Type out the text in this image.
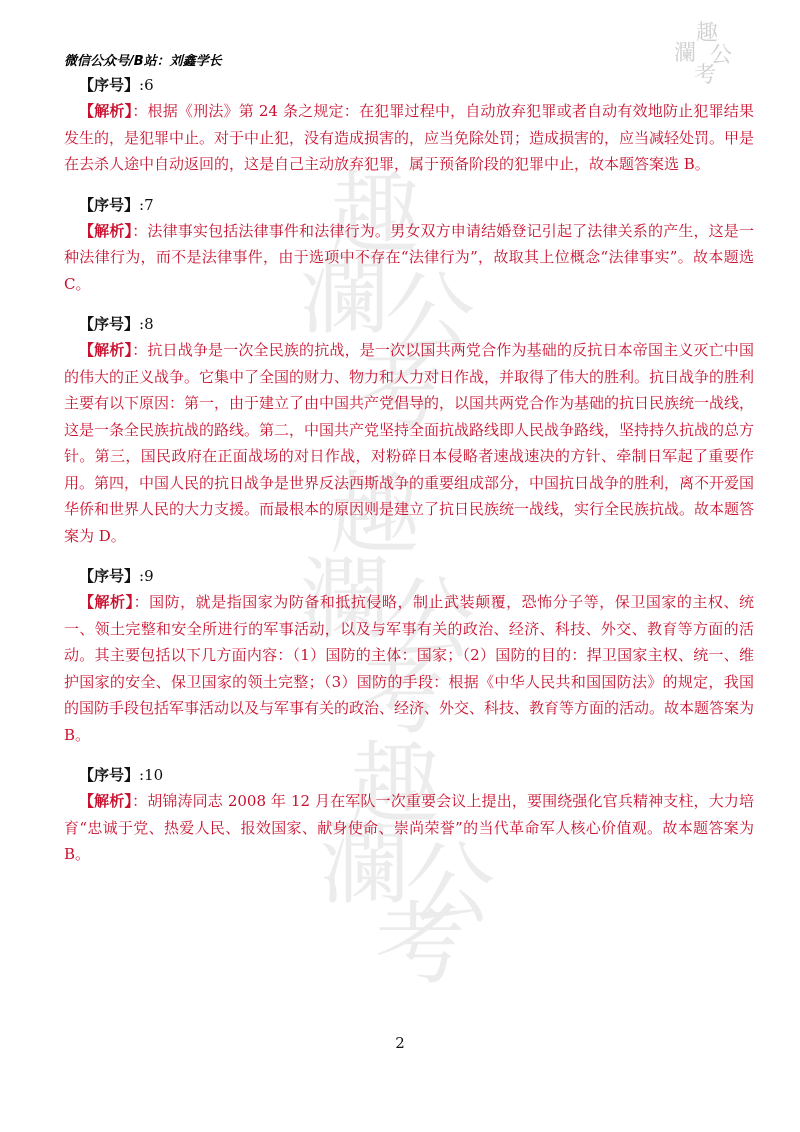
微信公众号/B站：刘鑫学长	瀾
趣
公
考
趣
瀾
公
考
趣
瀾
公
考
趣
瀾
公
考
【序号】:6
【解析】：根据《刑法》第 24 条之规定：在犯罪过程中，自动放弃犯罪或者自动有效地防止犯罪结果发生的，是犯罪中止。对于中止犯，没有造成损害的，应当免除处罚；造成损害的，应当减轻处罚。甲是在去杀人途中自动返回的，这是自己主动放弃犯罪，属于预备阶段的犯罪中止，故本题答案选 B。
【序号】:7
【解析】：法律事实包括法律事件和法律行为。男女双方申请结婚登记引起了法律关系的产生，这是一种法律行为，而不是法律事件，由于选项中不存在“法律行为”，故取其上位概念“法律事实”。故本题选 C。
【序号】:8
【解析】：抗日战争是一次全民族的抗战，是一次以国共两党合作为基础的反抗日本帝国主义灭亡中国的伟大的正义战争。它集中了全国的财力、物力和人力对日作战，并取得了伟大的胜利。抗日战争的胜利主要有以下原因：第一，由于建立了由中国共产党倡导的，以国共两党合作为基础的抗日民族统一战线，这是一条全民族抗战的路线。第二，中国共产党坚持全面抗战路线即人民战争路线，坚持持久抗战的总方针。第三，国民政府在正面战场的对日作战，对粉碎日本侵略者速战速决的方针、牵制日军起了重要作用。第四，中国人民的抗日战争是世界反法西斯战争的重要组成部分，中国抗日战争的胜利，离不开爱国华侨和世界人民的大力支援。而最根本的原因则是建立了抗日民族统一战线，实行全民族抗战。故本题答案为 D。
【序号】:9
【解析】：国防，就是指国家为防备和抵抗侵略，制止武装颠覆，恐怖分子等，保卫国家的主权、统一、领土完整和安全所进行的军事活动，以及与军事有关的政治、经济、科技、外交、教育等方面的活动。其主要包括以下几方面内容：（1）国防的主体：国家；（2）国防的目的：捍卫国家主权、统一、维护国家的安全、保卫国家的领土完整；（3）国防的手段：根据《中华人民共和国国防法》的规定，我国的国防手段包括军事活动以及与军事有关的政治、经济、外交、科技、教育等方面的活动。故本题答案为 B。
【序号】:10
【解析】：胡锦涛同志 2008 年 12 月在军队一次重要会议上提出，要围绕强化官兵精神支柱，大力培育“忠诚于党、热爱人民、报效国家、献身使命、崇尚荣誉”的当代革命军人核心价值观。故本题答案为 B。
2
